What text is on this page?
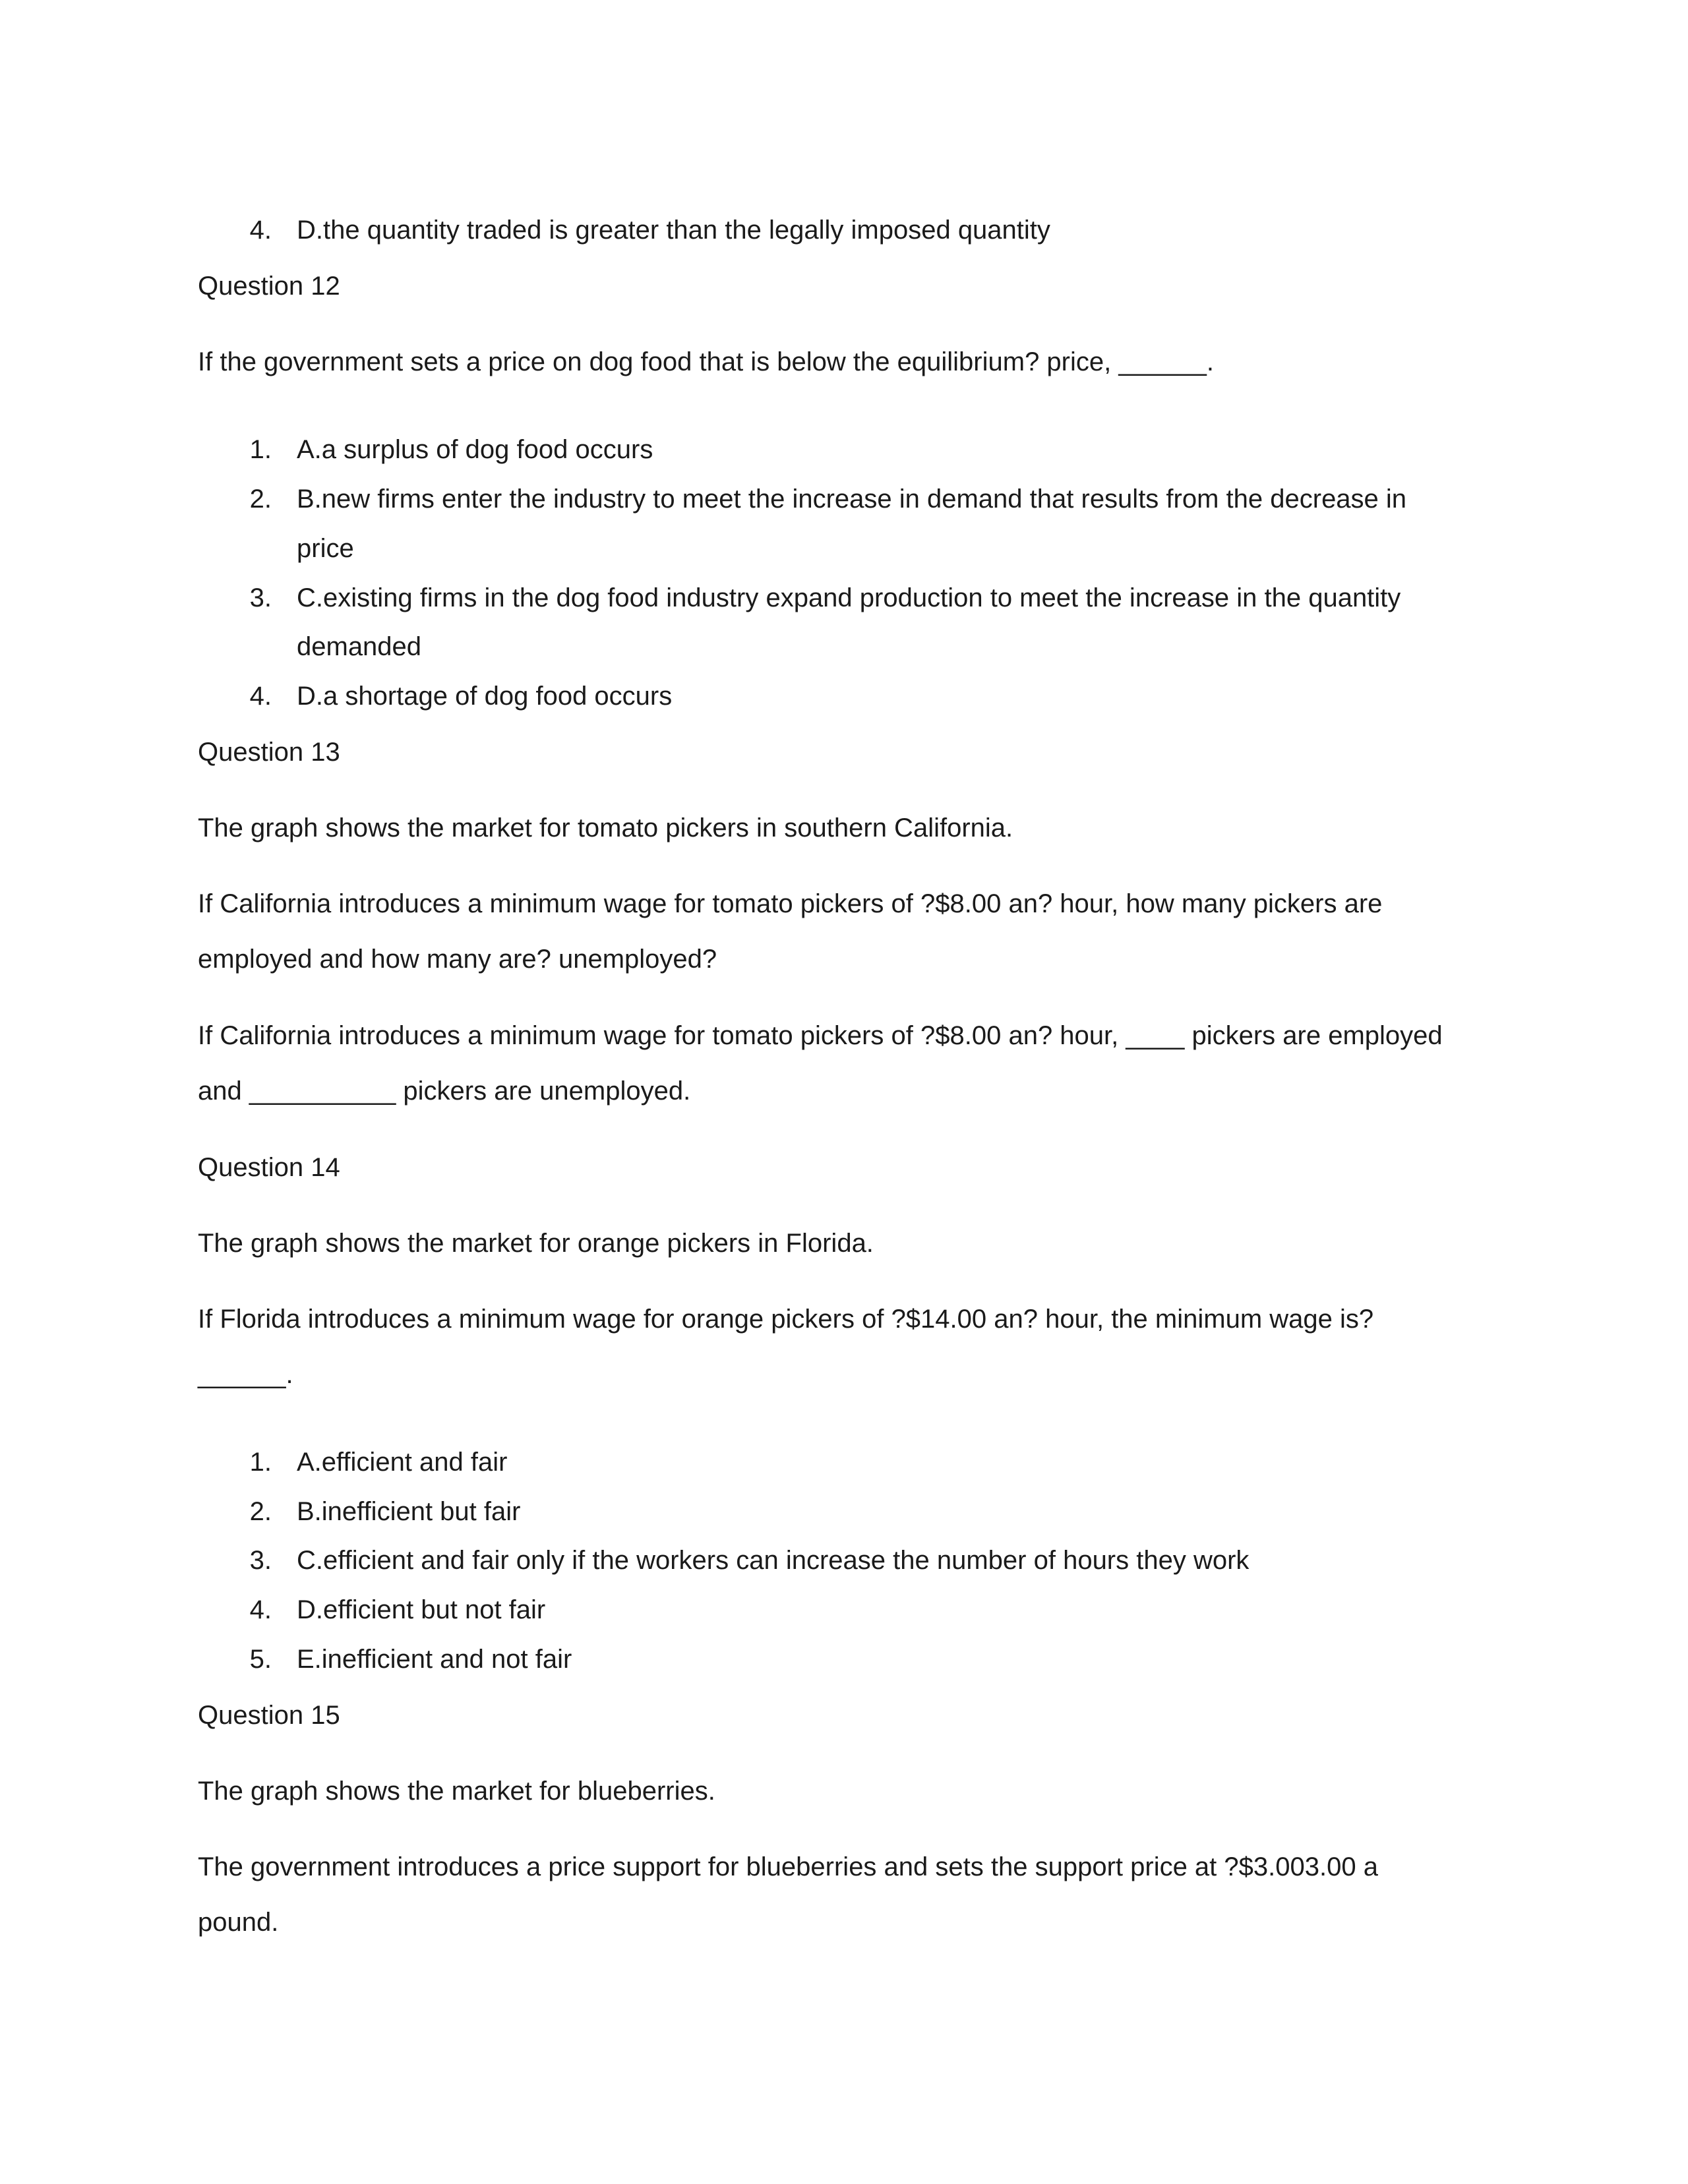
4. D.the quantity traded is greater than the legally imposed quantity
Question 12
If the government sets a price on dog food that is below the equilibrium? price, ______.
1. A.a surplus of dog food occurs
2. B.new firms enter the industry to meet the increase in demand that results from the decrease in
price
3. C.existing firms in the dog food industry expand production to meet the increase in the quantity
demanded
4. D.a shortage of dog food occurs
Question 13
The graph shows the market for tomato pickers in southern California.
If California introduces a minimum wage for tomato pickers of ?$8.00 an? hour, how many pickers are
employed and how many are? unemployed?
If California introduces a minimum wage for tomato pickers of ?$8.00 an? hour, ____ pickers are employed
and __________ pickers are unemployed.
Question 14
The graph shows the market for orange pickers in Florida.
If Florida introduces a minimum wage for orange pickers of ?$14.00 an? hour, the minimum wage is?
______.
1. A.efficient and fair
2. B.inefficient but fair
3. C.efficient and fair only if the workers can increase the number of hours they work
4. D.efficient but not fair
5. E.inefficient and not fair
Question 15
The graph shows the market for blueberries.
The government introduces a price support for blueberries and sets the support price at ?$3.003.00 a
pound.
